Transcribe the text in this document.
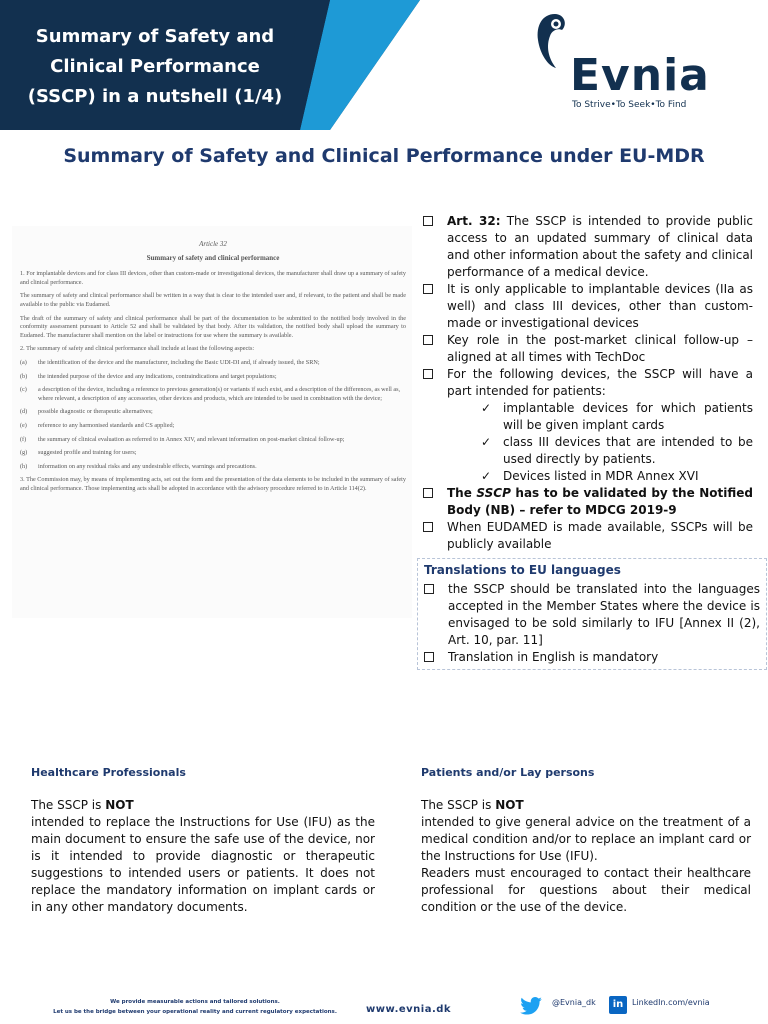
Summary of Safety and Clinical Performance (SSCP) in a nutshell (1/4)	Evnia
To Strive•To Seek•To Find
Summary of Safety and Clinical Performance under EU-MDR
Article 32
Summary of safety and clinical performance

1. For implantable devices and for class III devices, other than custom-made or investigational devices, the manufacturer shall draw up a summary of safety and clinical performance.

The summary of safety and clinical performance shall be written in a way that is clear to the intended user and, if relevant, to the patient and shall be made available to the public via Eudamed.

The draft of the summary of safety and clinical performance shall be part of the documentation to be submitted to the notified body involved in the conformity assessment pursuant to Article 52 and shall be validated by that body. After its validation, the notified body shall upload the summary to Eudamed. The manufacturer shall mention on the label or instructions for use where the summary is available.

2. The summary of safety and clinical performance shall include at least the following aspects:

(a)	the identification of the device and the manufacturer, including the Basic UDI-DI and, if already issued, the SRN;
(b)	the intended purpose of the device and any indications, contraindications and target populations;
(c)	a description of the device, including a reference to previous generation(s) or variants if such exist, and a description of the differences, as well as, where relevant, a description of any accessories, other devices and products, which are intended to be used in combination with the device;
(d)	possible diagnostic or therapeutic alternatives;
(e)	reference to any harmonised standards and CS applied;
(f)	the summary of clinical evaluation as referred to in Annex XIV, and relevant information on post-market clinical follow-up;
(g)	suggested profile and training for users;
(h)	information on any residual risks and any undesirable effects, warnings and precautions.

3. The Commission may, by means of implementing acts, set out the form and the presentation of the data elements to be included in the summary of safety and clinical performance. Those implementing acts shall be adopted in accordance with the advisory procedure referred to in Article 114(2).

Art. 32: The SSCP is intended to provide public access to an updated summary of clinical data and other information about the safety and clinical performance of a medical device.
It is only applicable to implantable devices (IIa as well) and class III devices, other than custom-made or investigational devices
Key role in the post-market clinical follow-up – aligned at all times with TechDoc
For the following devices, the SSCP will have a part intended for patients:
✓ implantable devices for which patients will be given implant cards
✓ class III devices that are intended to be used directly by patients.
✓ Devices listed in MDR Annex XVI
The SSCP has to be validated by the Notified Body (NB) – refer to MDCG 2019-9
When EUDAMED is made available, SSCPs will be publicly available
Translations to EU languages
the SSCP should be translated into the languages accepted in the Member States where the device is envisaged to be sold similarly to IFU [Annex II (2), Art. 10, par. 11]
Translation in English is mandatory
Healthcare Professionals
The SSCP is NOT
intended to replace the Instructions for Use (IFU) as the main document to ensure the safe use of the device, nor is it intended to provide diagnostic or therapeutic suggestions to intended users or patients. It does not replace the mandatory information on implant cards or in any other mandatory documents.
Patients and/or Lay persons
The SSCP is NOT
intended to give general advice on the treatment of a medical condition and/or to replace an implant card or the Instructions for Use (IFU).
Readers must encouraged to contact their healthcare professional for questions about their medical condition or the use of the device.
We provide measurable actions and tailored solutions.
Let us be the bridge between your operational reality and current regulatory expectations.	www.evnia.dk
@Evnia_dk	in	LinkedIn.com/evnia
